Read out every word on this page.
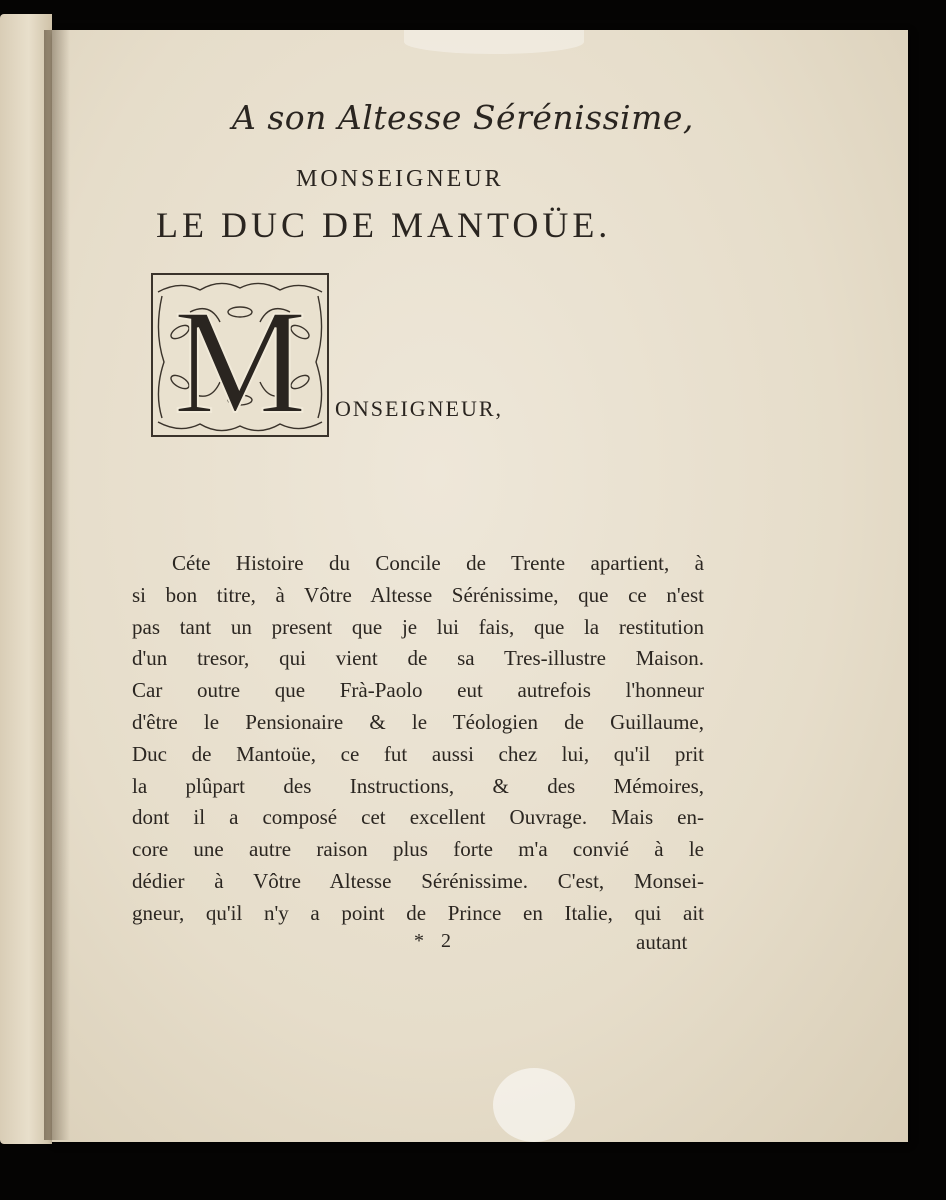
A son Altesse Sérénissime,
MONSEIGNEUR
LE DUC DE MANTOÜE.
M ONSEIGNEUR,
Céte Histoire du Concile de Trente apartient, à
si bon titre, à Vôtre Altesse Sérénissime, que ce n'est
pas tant un present que je lui fais, que la restitution
d'un tresor, qui vient de sa Tres-illustre Maison.
Car outre que Frà-Paolo eut autrefois l'honneur
d'être le Pensionaire & le Téologien de Guillaume,
Duc de Mantoüe, ce fut aussi chez lui, qu'il prit
la plûpart des Instructions, & des Mémoires,
dont il a composé cet excellent Ouvrage. Mais en-
core une autre raison plus forte m'a convié à le
dédier à Vôtre Altesse Sérénissime. C'est, Monsei-
gneur, qu'il n'y a point de Prince en Italie, qui ait
* 2	autant
